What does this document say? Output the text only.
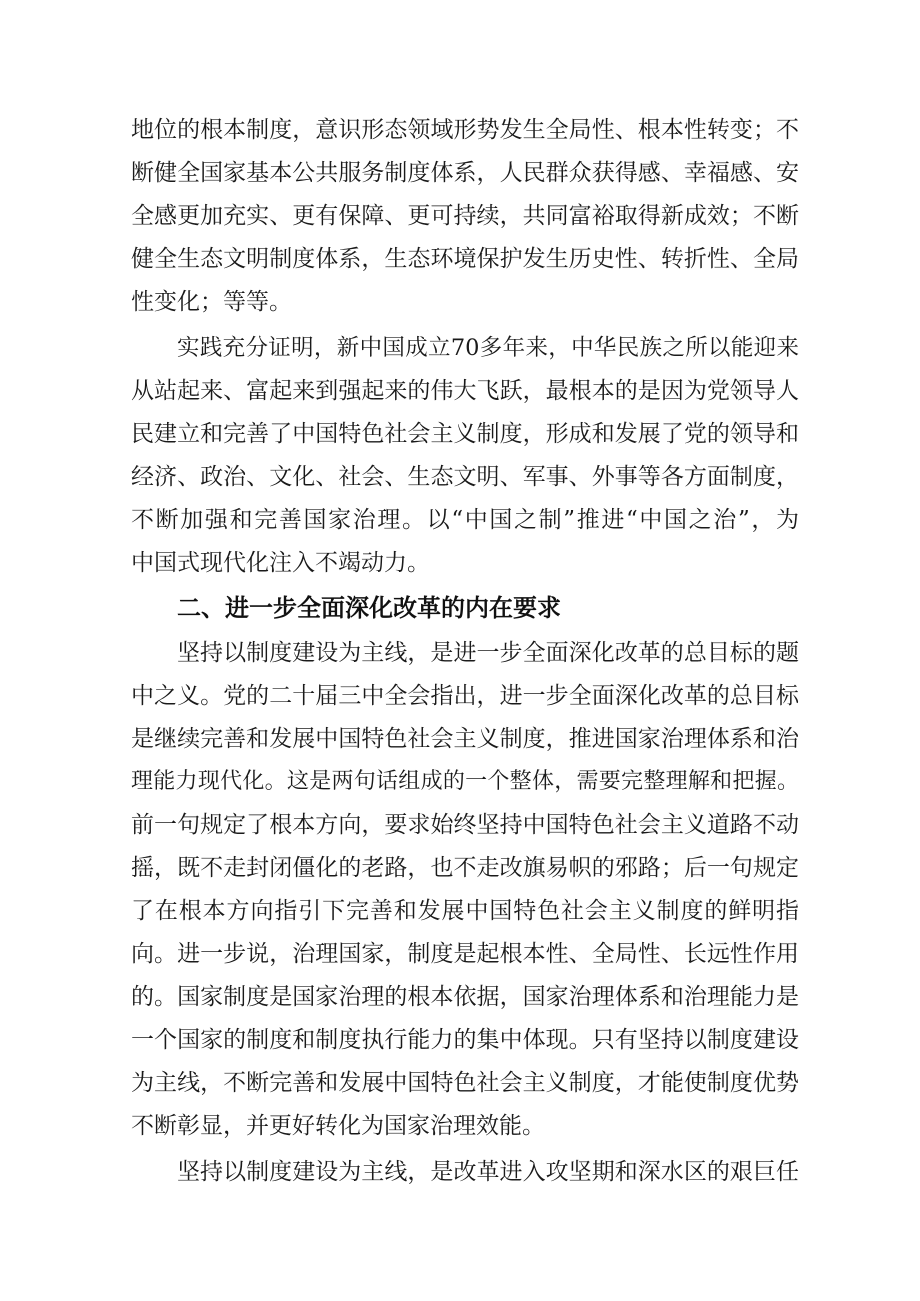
地位的根本制度，意识形态领域形势发生全局性、根本性转变；不
断健全国家基本公共服务制度体系，人民群众获得感、幸福感、安
全感更加充实、更有保障、更可持续，共同富裕取得新成效；不断
健全生态文明制度体系，生态环境保护发生历史性、转折性、全局
性变化；等等。
实践充分证明，新中国成立70多年来，中华民族之所以能迎来
从站起来、富起来到强起来的伟大飞跃，最根本的是因为党领导人
民建立和完善了中国特色社会主义制度，形成和发展了党的领导和
经济、政治、文化、社会、生态文明、军事、外事等各方面制度，
不断加强和完善国家治理。以“中国之制”推进“中国之治”，为
中国式现代化注入不竭动力。
二、进一步全面深化改革的内在要求
坚持以制度建设为主线，是进一步全面深化改革的总目标的题
中之义。党的二十届三中全会指出，进一步全面深化改革的总目标
是继续完善和发展中国特色社会主义制度，推进国家治理体系和治
理能力现代化。这是两句话组成的一个整体，需要完整理解和把握。
前一句规定了根本方向，要求始终坚持中国特色社会主义道路不动
摇，既不走封闭僵化的老路，也不走改旗易帜的邪路；后一句规定
了在根本方向指引下完善和发展中国特色社会主义制度的鲜明指
向。进一步说，治理国家，制度是起根本性、全局性、长远性作用
的。国家制度是国家治理的根本依据，国家治理体系和治理能力是
一个国家的制度和制度执行能力的集中体现。只有坚持以制度建设
为主线，不断完善和发展中国特色社会主义制度，才能使制度优势
不断彰显，并更好转化为国家治理效能。
坚持以制度建设为主线，是改革进入攻坚期和深水区的艰巨任
